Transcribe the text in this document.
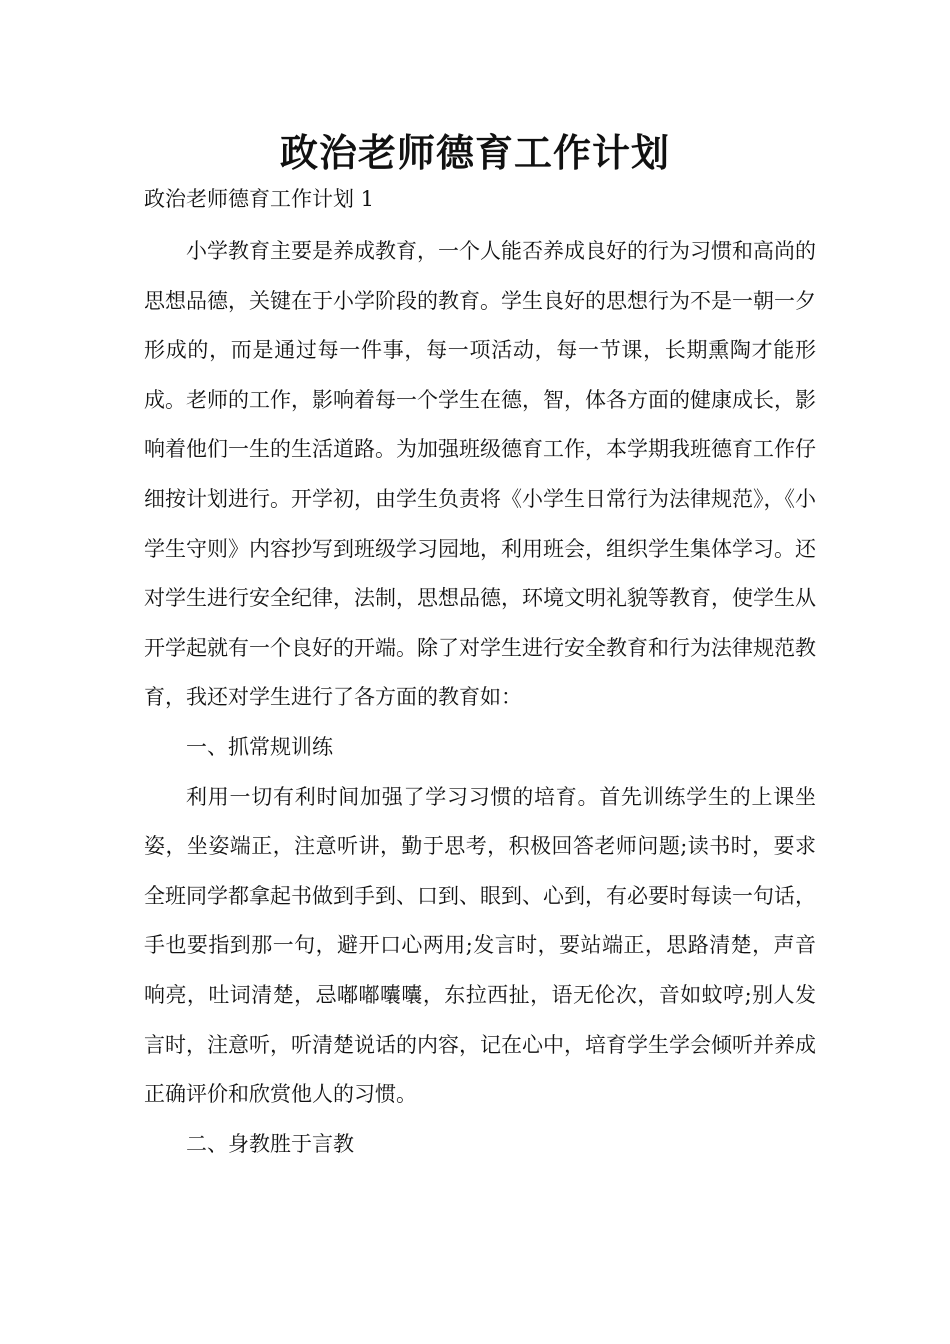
政治老师德育工作计划
政治老师德育工作计划 1

小学教育主要是养成教育，一个人能否养成良好的行为习惯和高尚的思想品德，关键在于小学阶段的教育。学生良好的思想行为不是一朝一夕形成的，而是通过每一件事，每一项活动，每一节课，长期熏陶才能形成。老师的工作，影响着每一个学生在德，智，体各方面的健康成长，影响着他们一生的生活道路。为加强班级德育工作，本学期我班德育工作仔细按计划进行。开学初，由学生负责将《小学生日常行为法律规范》，《小学生守则》内容抄写到班级学习园地，利用班会，组织学生集体学习。还对学生进行安全纪律，法制，思想品德，环境文明礼貌等教育，使学生从开学起就有一个良好的开端。除了对学生进行安全教育和行为法律规范教育，我还对学生进行了各方面的教育如：

一、抓常规训练

利用一切有利时间加强了学习习惯的培育。首先训练学生的上课坐姿，坐姿端正，注意听讲，勤于思考，积极回答老师问题;读书时，要求全班同学都拿起书做到手到、口到、眼到、心到，有必要时每读一句话，手也要指到那一句，避开口心两用;发言时，要站端正，思路清楚，声音响亮，吐词清楚，忌嘟嘟囔囔，东拉西扯，语无伦次，音如蚊哼;别人发言时，注意听，听清楚说话的内容，记在心中，培育学生学会倾听并养成正确评价和欣赏他人的习惯。

二、身教胜于言教
